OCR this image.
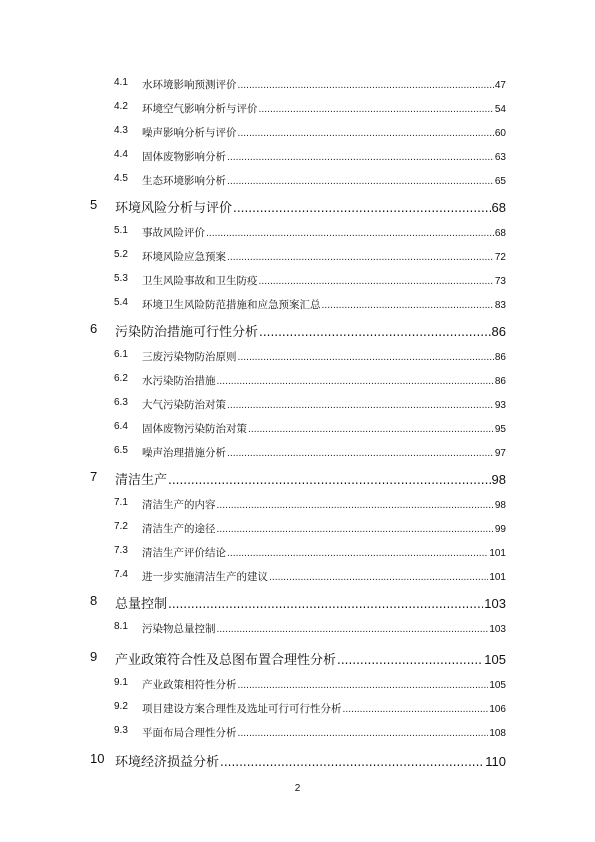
4.1 水环境影响预测评价 .....	47
4.2 环境空气影响分析与评价 .....	54
4.3 噪声影响分析与评价 .....	60
4.4 固体废物影响分析 .....	63
4.5 生态环境影响分析 .....	65
5 环境风险分析与评价 .....	68
5.1 事故风险评价 .....	68
5.2 环境风险应急预案 .....	72
5.3 卫生风险事故和卫生防疫 .....	73
5.4 环境卫生风险防范措施和应急预案汇总 .....	83
6 污染防治措施可行性分析 .....	86
6.1 三废污染物防治原则 .....	86
6.2 水污染防治措施 .....	86
6.3 大气污染防治对策 .....	93
6.4 固体废物污染防治对策 .....	95
6.5 噪声治理措施分析 .....	97
7 清洁生产 .....	98
7.1 清洁生产的内容 .....	98
7.2 清洁生产的途径 .....	99
7.3 清洁生产评价结论 .....	101
7.4 进一步实施清洁生产的建议 .....	101
8 总量控制 .....	103
8.1 污染物总量控制 .....	103
9 产业政策符合性及总图布置合理性分析 .....	105
9.1 产业政策相符性分析 .....	105
9.2 项目建设方案合理性及选址可行可行性分析 .....	106
9.3 平面布局合理性分析 .....	108
10 环境经济损益分析 .....	110
2
